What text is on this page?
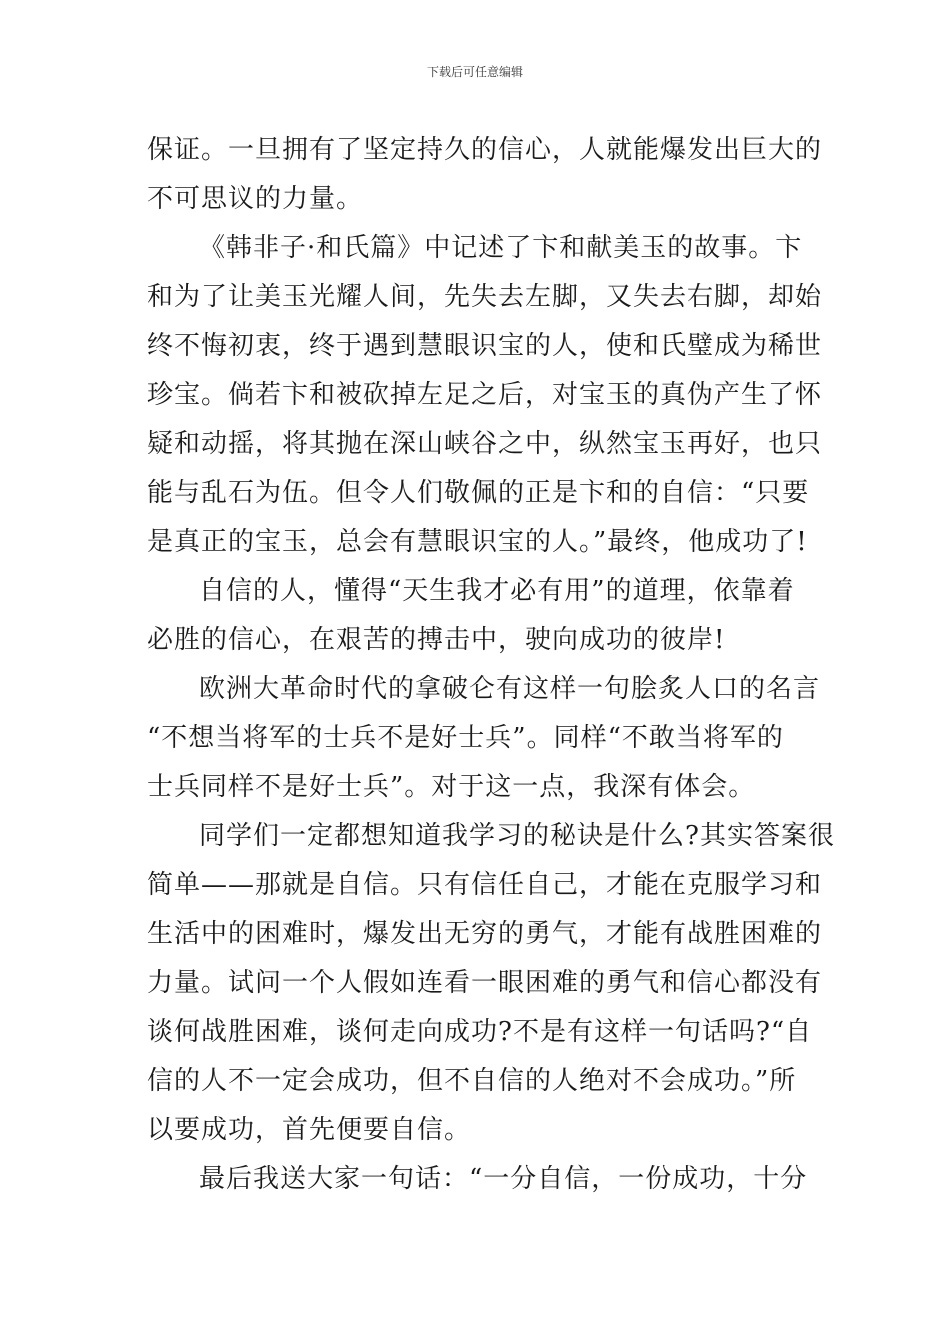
下载后可任意编辑
保证。一旦拥有了坚定持久的信心，人就能爆发出巨大的
不可思议的力量。
《韩非子·和氏篇》中记述了卞和献美玉的故事。卞
和为了让美玉光耀人间，先失去左脚，又失去右脚，却始
终不悔初衷，终于遇到慧眼识宝的人，使和氏璧成为稀世
珍宝。倘若卞和被砍掉左足之后，对宝玉的真伪产生了怀
疑和动摇，将其抛在深山峡谷之中，纵然宝玉再好，也只
能与乱石为伍。但令人们敬佩的正是卞和的自信：“只要
是真正的宝玉，总会有慧眼识宝的人。”最终，他成功了!
自信的人，懂得“天生我才必有用”的道理，依靠着
必胜的信心，在艰苦的搏击中，驶向成功的彼岸!
欧洲大革命时代的拿破仑有这样一句脍炙人口的名言
“不想当将军的士兵不是好士兵”。同样“不敢当将军的
士兵同样不是好士兵”。对于这一点，我深有体会。
同学们一定都想知道我学习的秘诀是什么?其实答案很
简单——那就是自信。只有信任自己，才能在克服学习和
生活中的困难时，爆发出无穷的勇气，才能有战胜困难的
力量。试问一个人假如连看一眼困难的勇气和信心都没有
谈何战胜困难，谈何走向成功?不是有这样一句话吗?“自
信的人不一定会成功，但不自信的人绝对不会成功。”所
以要成功，首先便要自信。
最后我送大家一句话：“一分自信，一份成功，十分
